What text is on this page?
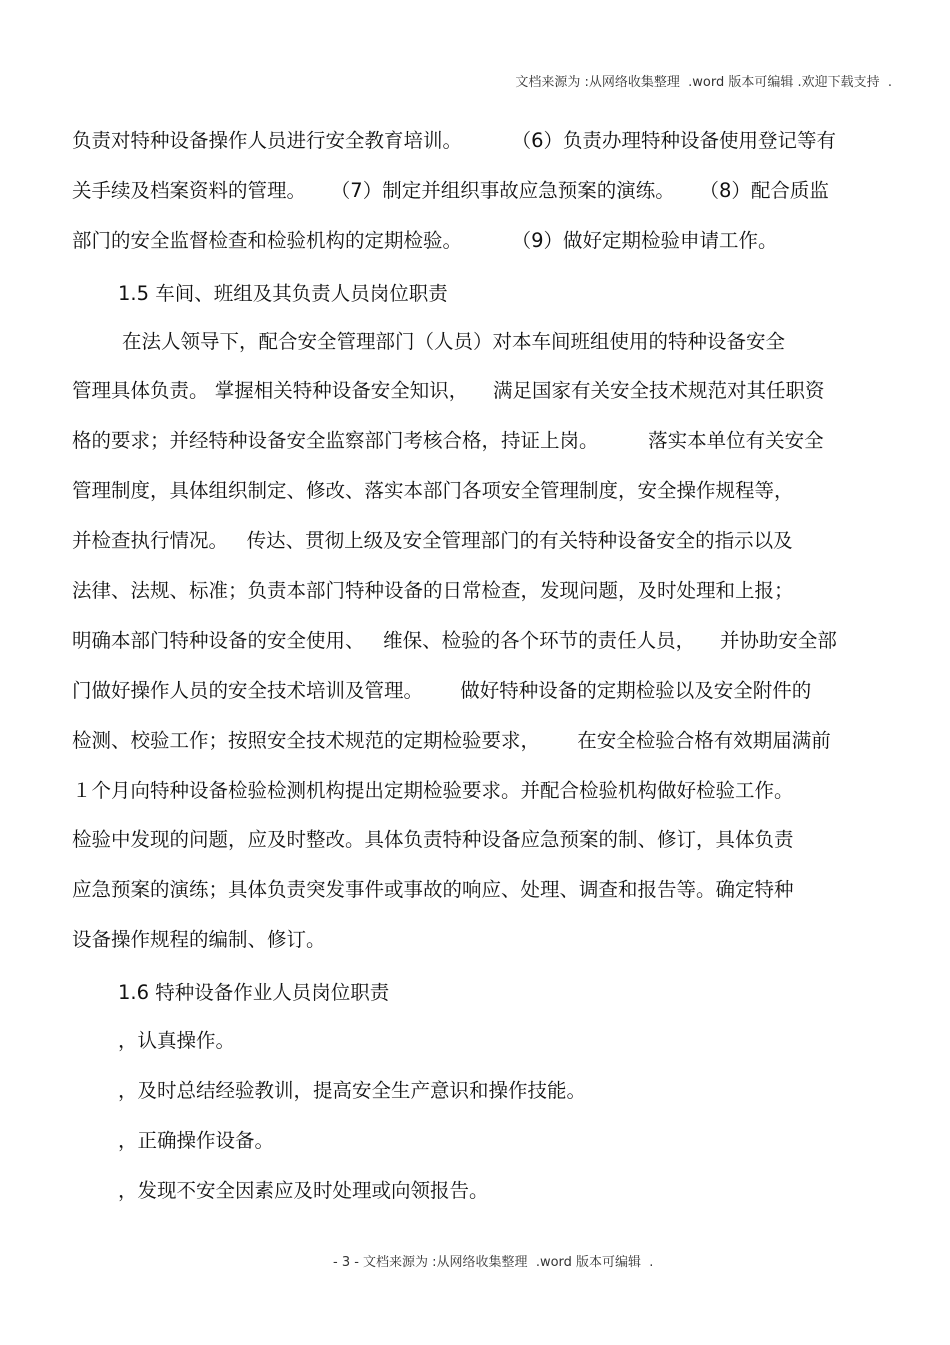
文档来源为 :从网络收集整理  .word 版本可编辑 .欢迎下载支持  .
负责对特种设备操作人员进行安全教育培训。        （6）负责办理特种设备使用登记等有
关手续及档案资料的管理。    （7）制定并组织事故应急预案的演练。    （8）配合质监
部门的安全监督检查和检验机构的定期检验。        （9）做好定期检验申请工作。
1.5 车间、班组及其负责人员岗位职责
在法人领导下，配合安全管理部门（人员）对本车间班组使用的特种设备安全
管理具体负责。 掌握相关特种设备安全知识，    满足国家有关安全技术规范对其任职资
格的要求；并经特种设备安全监察部门考核合格，持证上岗。        落实本单位有关安全
管理制度，具体组织制定、修改、落实本部门各项安全管理制度，安全操作规程等，
并检查执行情况。   传达、贯彻上级及安全管理部门的有关特种设备安全的指示以及
法律、法规、标准；负责本部门特种设备的日常检查，发现问题，及时处理和上报；
明确本部门特种设备的安全使用、   维保、检验的各个环节的责任人员，    并协助安全部
门做好操作人员的安全技术培训及管理。      做好特种设备的定期检验以及安全附件的
检测、校验工作；按照安全技术规范的定期检验要求，      在安全检验合格有效期届满前
１个月向特种设备检验检测机构提出定期检验要求。并配合检验机构做好检验工作。
检验中发现的问题，应及时整改。具体负责特种设备应急预案的制、修订，具体负责
应急预案的演练；具体负责突发事件或事故的响应、处理、调查和报告等。确定特种
设备操作规程的编制、修订。
1.6 特种设备作业人员岗位职责
，认真操作。
，及时总结经验教训，提高安全生产意识和操作技能。
，正确操作设备。
，发现不安全因素应及时处理或向领报告。
- 3 - 文档来源为 :从网络收集整理  .word 版本可编辑  .
